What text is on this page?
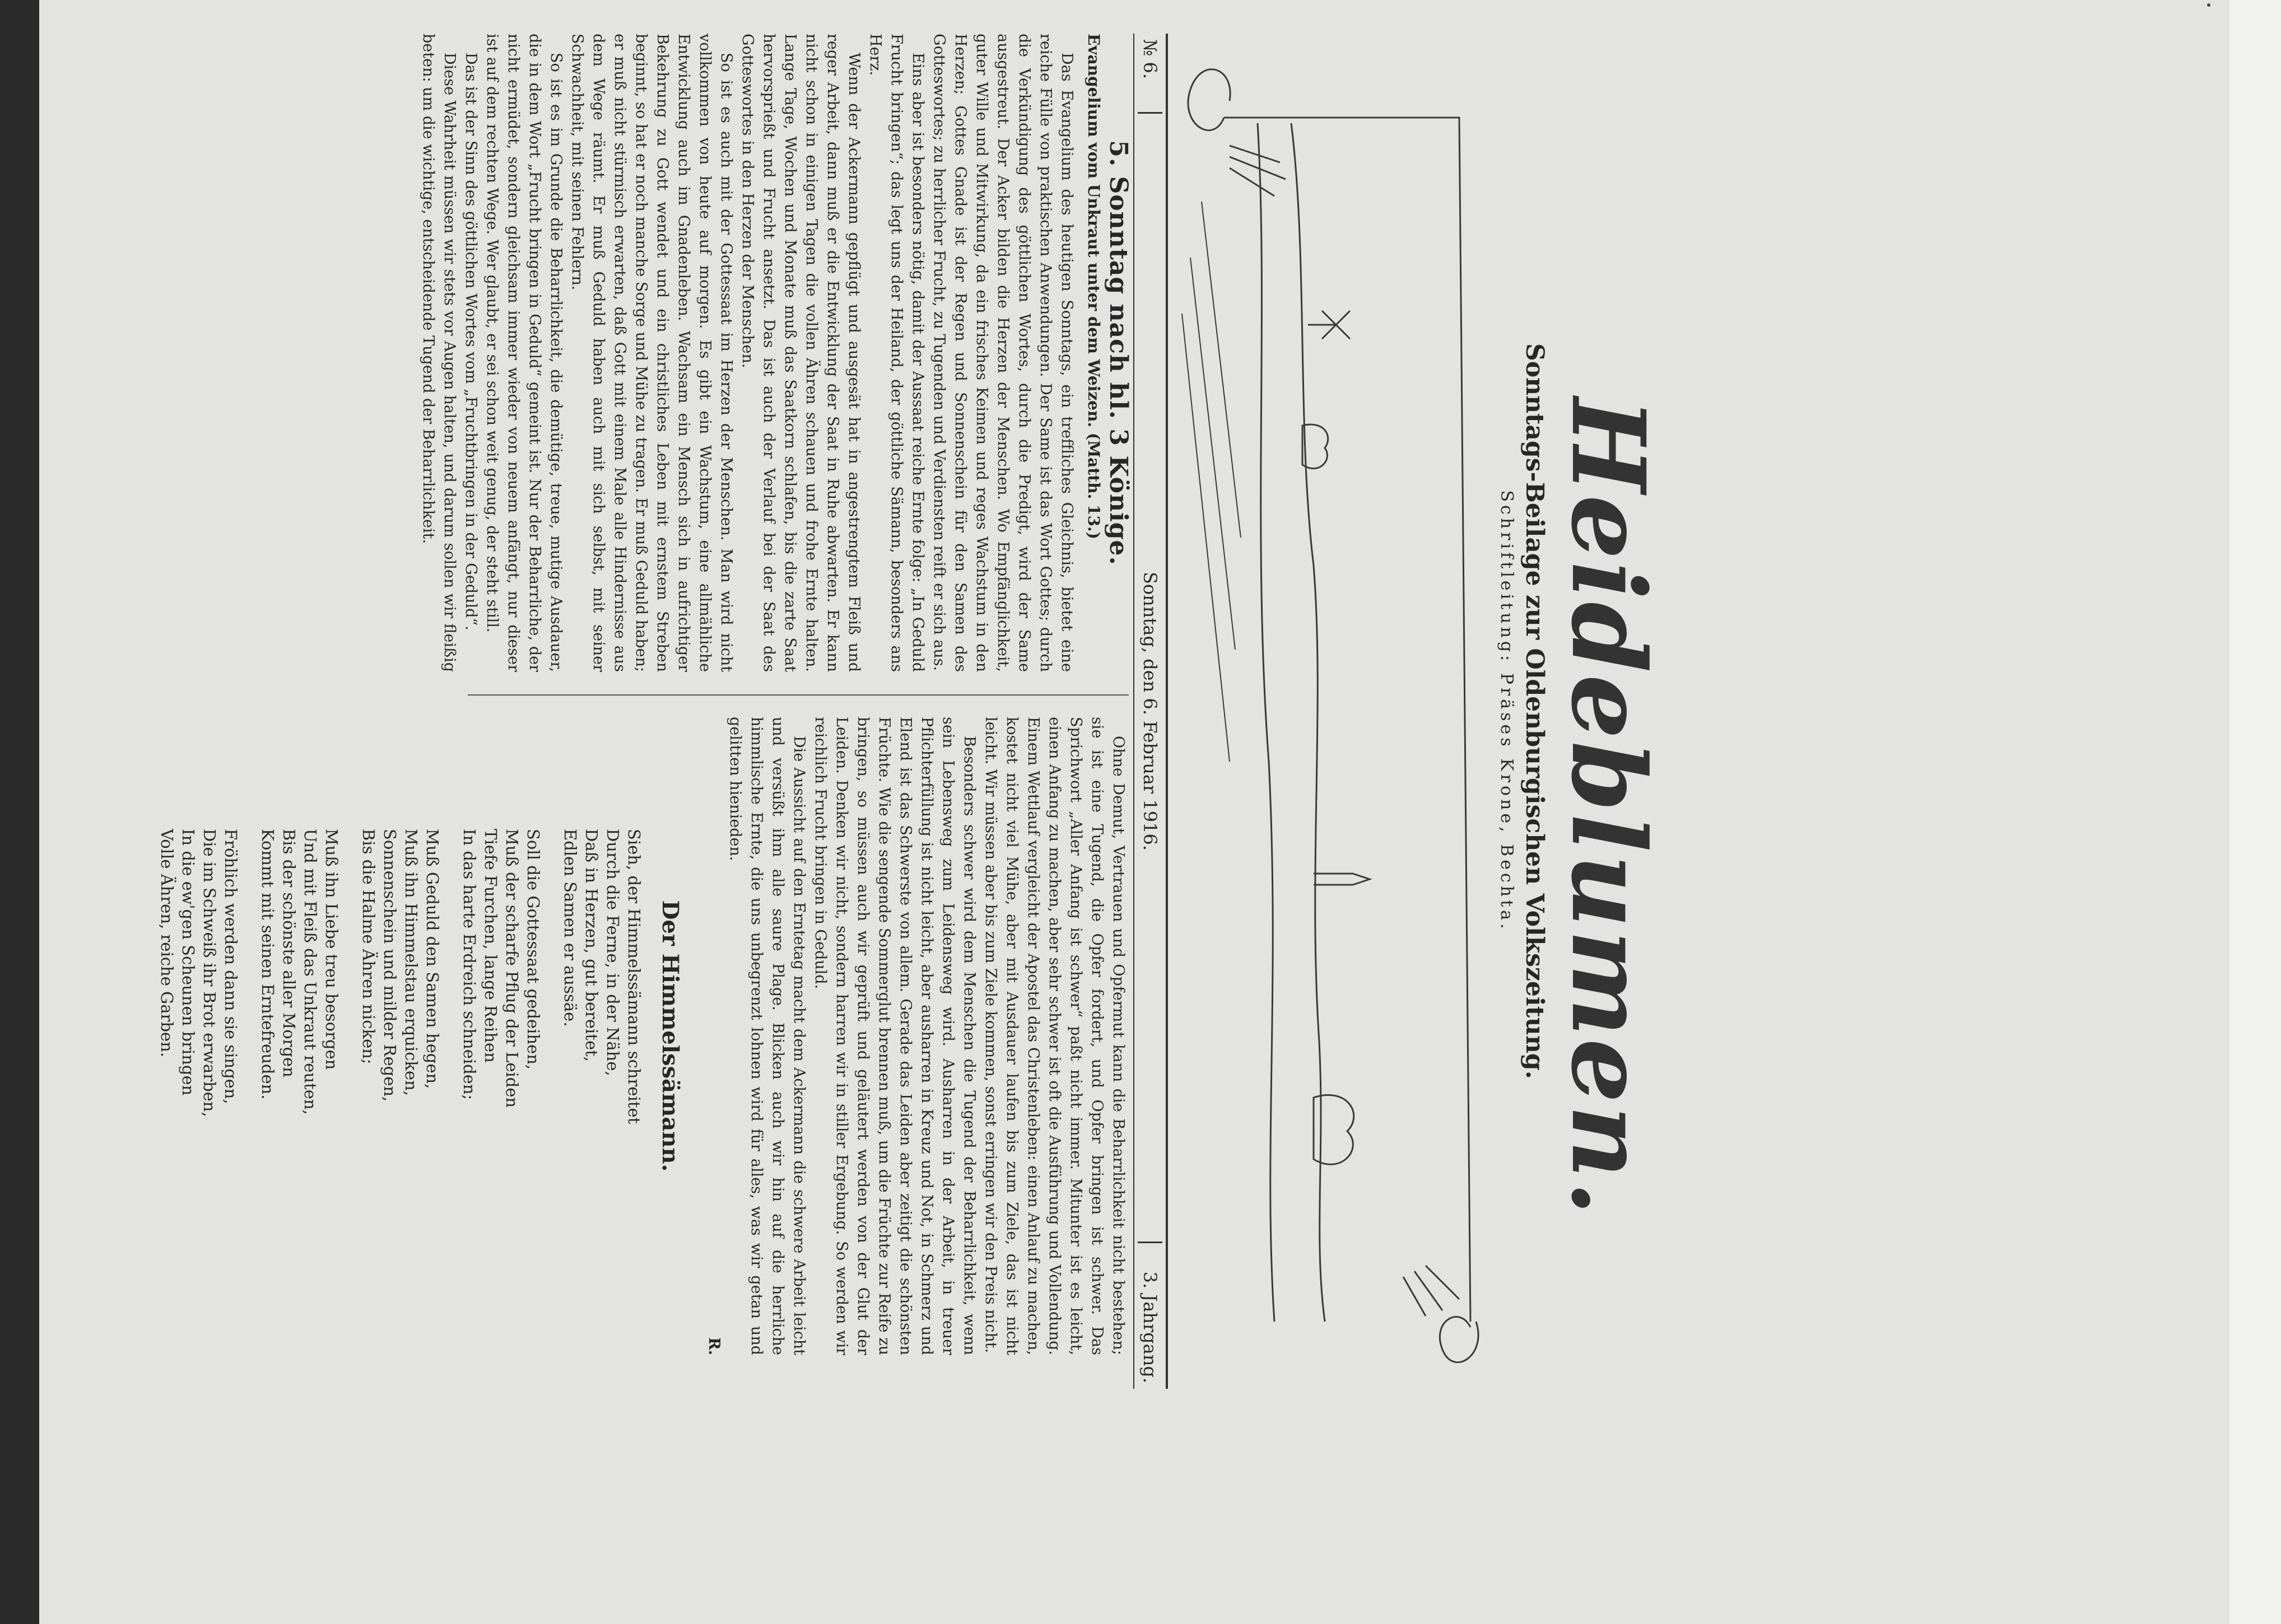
Heideblumen.
Sonntags-Beilage zur Oldenburgischen Volkszeitung.
Schriftleitung: Präses Krone, Bechta.
№ 6.
Sonntag, den 6. Februar 1916.
3. Jahrgang.
5. Sonntag nach hl. 3 Könige.
Evangelium vom Unkraut unter dem Weizen. (Matth. 13.)

Das Evangelium des heutigen Sonntags, ein treffliches Gleichnis, bietet eine reiche Fülle von praktischen Anwendungen. Der Same ist das Wort Gottes; durch die Verkündigung des göttlichen Wortes, durch die Predigt, wird der Same ausgestreut. Der Acker bilden die Herzen der Menschen. Wo Empfänglichkeit, guter Wille und Mitwirkung, da ein frisches Keimen und reges Wachstum in den Herzen; Gottes Gnade ist der Regen und Sonnenschein für den Samen des Gotteswortes; zu herrlicher Frucht, zu Tugenden und Verdiensten reift er sich aus.

Eins aber ist besonders nötig, damit der Aussaat reiche Ernte folge: „In Geduld Frucht bringen“; das legt uns der Heiland, der göttliche Sämann, besonders ans Herz.

Wenn der Ackermann gepflügt und ausgesät hat in angestrengtem Fleiß und reger Arbeit, dann muß er die Entwicklung der Saat in Ruhe abwarten. Er kann nicht schon in einigen Tagen die vollen Ähren schauen und frohe Ernte halten. Lange Tage, Wochen und Monate muß das Saatkorn schlafen, bis die zarte Saat hervorsprießt und Frucht ansetzt. Das ist auch der Verlauf bei der Saat des Gotteswortes in den Herzen der Menschen.

So ist es auch mit der Gottessaat im Herzen der Menschen. Man wird nicht vollkommen von heute auf morgen. Es gibt ein Wachstum, eine allmähliche Entwicklung auch im Gnadenleben. Wachsam ein Mensch sich in aufrichtiger Bekehrung zu Gott wendet und ein christliches Leben mit ernstem Streben beginnt, so hat er noch manche Sorge und Mühe zu tragen. Er muß Geduld haben; er muß nicht stürmisch erwarten, daß Gott mit einem Male alle Hindernisse aus dem Wege räumt. Er muß Geduld haben auch mit sich selbst, mit seiner Schwachheit, mit seinen Fehlern.

So ist es im Grunde die Beharrlichkeit, die demütige, treue, mutige Ausdauer, die in dem Wort „Frucht bringen in Geduld“ gemeint ist. Nur der Beharrliche, der nicht ermüdet, sondern gleichsam immer wieder von neuem anfängt, nur dieser ist auf dem rechten Wege. Wer glaubt, er sei schon weit genug, der steht still.

Das ist der Sinn des göttlichen Wortes vom „Fruchtbringen in der Geduld“.

Diese Wahrheit müssen wir stets vor Augen halten, und darum sollen wir fleißig beten: um die wichtige, entscheidende Tugend der Beharrlichkeit.

Ohne Demut, Vertrauen und Opfermut kann die Beharrlichkeit nicht bestehen; sie ist eine Tugend, die Opfer fordert, und Opfer bringen ist schwer. Das Sprichwort „Aller Anfang ist schwer“ paßt nicht immer. Mitunter ist es leicht, einen Anfang zu machen, aber sehr schwer ist oft die Ausführung und Vollendung. Einem Wettlauf vergleicht der Apostel das Christenleben: einen Anlauf zu machen, kostet nicht viel Mühe, aber mit Ausdauer laufen bis zum Ziele, das ist nicht leicht. Wir müssen aber bis zum Ziele kommen, sonst erringen wir den Preis nicht.

Besonders schwer wird dem Menschen die Tugend der Beharrlichkeit, wenn sein Lebensweg zum Leidensweg wird. Ausharren in der Arbeit, in treuer Pflichterfüllung ist nicht leicht, aber ausharren in Kreuz und Not, in Schmerz und Elend ist das Schwerste von allem. Gerade das Leiden aber zeitigt die schönsten Früchte. Wie die sengende Sommerglut brennen muß, um die Früchte zur Reife zu bringen, so müssen auch wir geprüft und geläutert werden von der Glut der Leiden. Denken wir nicht, sondern harren wir in stiller Ergebung. So werden wir reichlich Frucht bringen in Geduld.

Die Aussicht auf den Erntetag macht dem Ackermann die schwere Arbeit leicht und versüßt ihm alle saure Plage. Blicken auch wir hin auf die herrliche himmlische Ernte, die uns unbegrenzt lohnen wird für alles, was wir getan und gelitten hienieden.

R.

Der Himmelssämann.
Sieh, der Himmelssämann schreitet
Durch die Ferne, in der Nähe,
Daß in Herzen, gut bereitet,
Edlen Samen er aussäe.
Soll die Gottessaat gedeihen,
Muß der scharfe Pflug der Leiden
Tiefe Furchen, lange Reihen
In das harte Erdreich schneiden;
Muß Geduld den Samen hegen,
Muß ihn Himmelstau erquicken,
Sonnenschein und milder Regen,
Bis die Halme Ähren nicken;
Muß ihn Liebe treu besorgen
Und mit Fleiß das Unkraut reuten,
Bis der schönste aller Morgen
Kommt mit seinen Erntefreuden.
Fröhlich werden dann sie singen,
Die im Schweiß ihr Brot erwarben,
In die ew'gen Scheunen bringen
Volle Ähren, reiche Garben.
